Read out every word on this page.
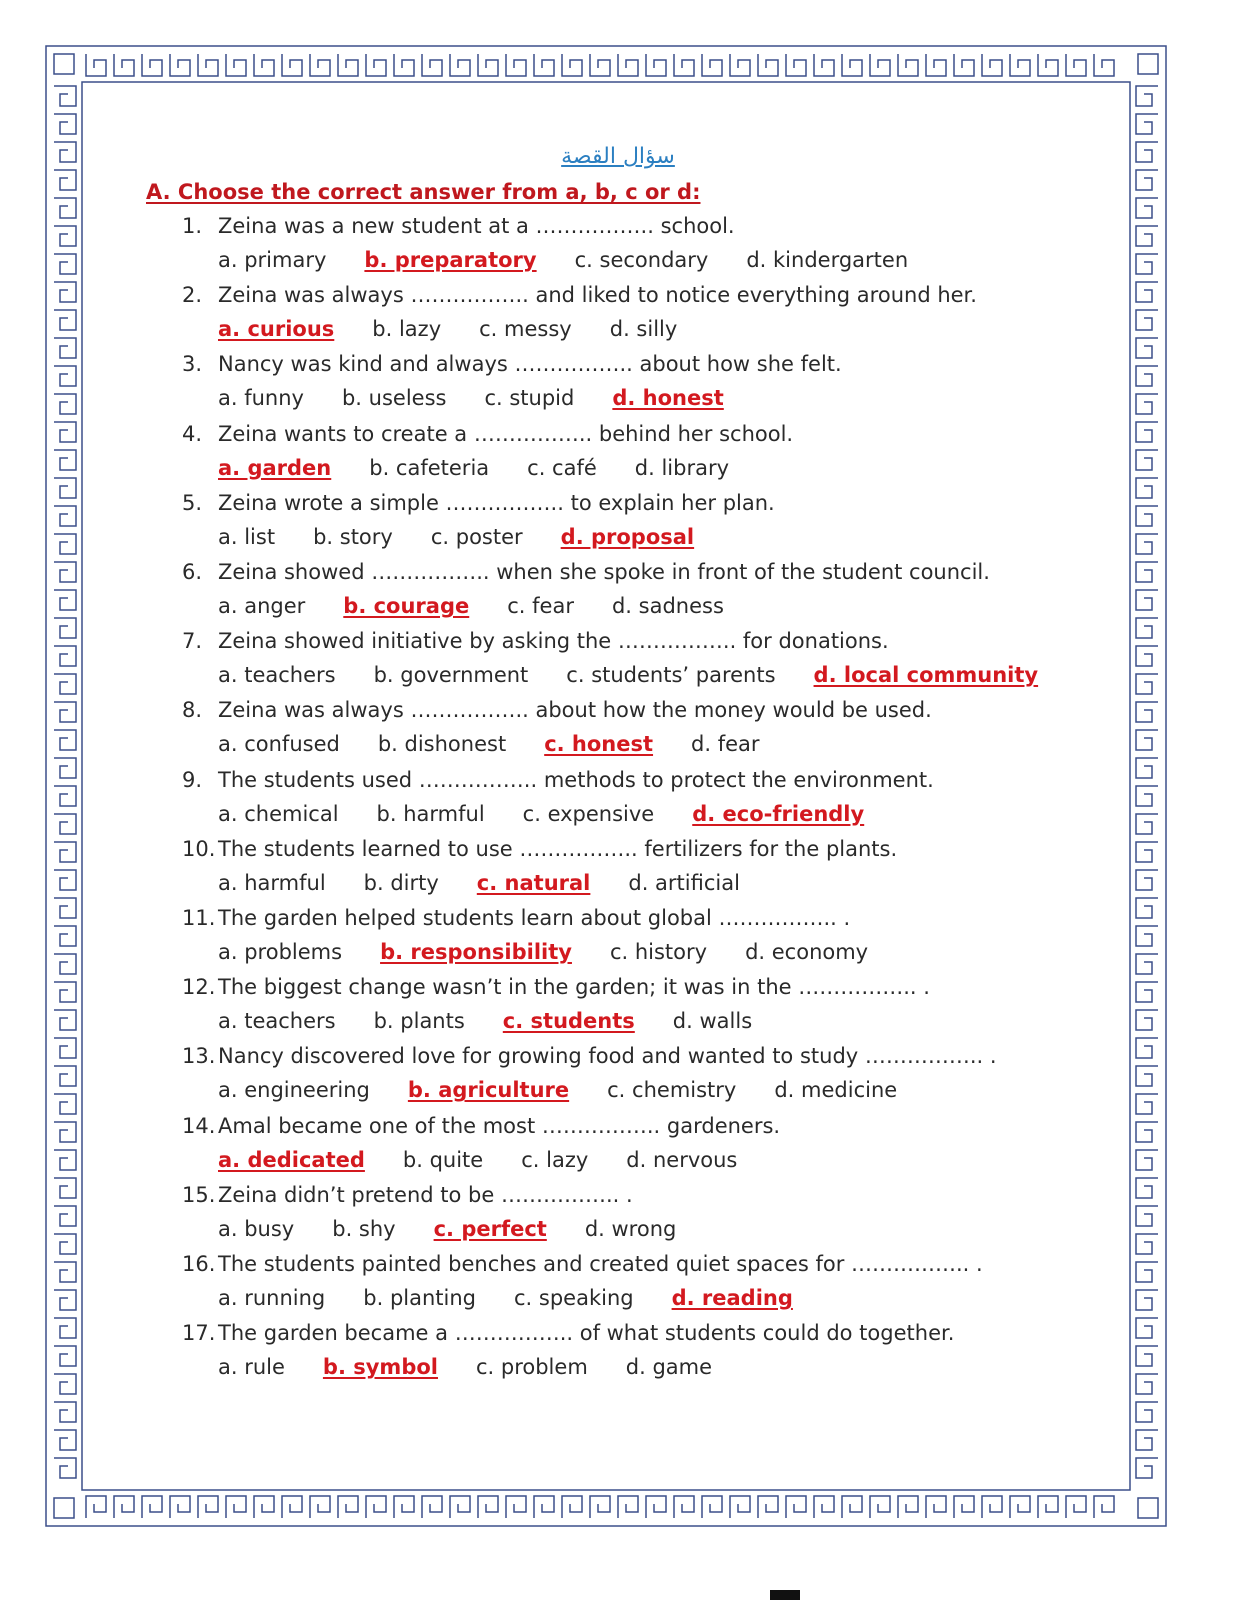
سؤال القصة
A. Choose the correct answer from a, b, c or d:
1. Zeina was a new student at a …………….. school.
a. primary b. preparatory c. secondary d. kindergarten
2. Zeina was always …………….. and liked to notice everything around her.
a. curious b. lazy c. messy d. silly
3. Nancy was kind and always …………….. about how she felt.
a. funny b. useless c. stupid d. honest
4. Zeina wants to create a …………….. behind her school.
a. garden b. cafeteria c. café d. library
5. Zeina wrote a simple …………….. to explain her plan.
a. list b. story c. poster d. proposal
6. Zeina showed …………….. when she spoke in front of the student council.
a. anger b. courage c. fear d. sadness
7. Zeina showed initiative by asking the …………….. for donations.
a. teachers b. government c. students’ parents d. local community
8. Zeina was always …………….. about how the money would be used.
a. confused b. dishonest c. honest d. fear
9. The students used …………….. methods to protect the environment.
a. chemical b. harmful c. expensive d. eco-friendly
10. The students learned to use …………….. fertilizers for the plants.
a. harmful b. dirty c. natural d. artificial
11. The garden helped students learn about global …………….. .
a. problems b. responsibility c. history d. economy
12. The biggest change wasn’t in the garden; it was in the …………….. .
a. teachers b. plants c. students d. walls
13. Nancy discovered love for growing food and wanted to study …………….. .
a. engineering b. agriculture c. chemistry d. medicine
14. Amal became one of the most …………….. gardeners.
a. dedicated b. quite c. lazy d. nervous
15. Zeina didn’t pretend to be …………….. .
a. busy b. shy c. perfect d. wrong
16. The students painted benches and created quiet spaces for …………….. .
a. running b. planting c. speaking d. reading
17. The garden became a …………….. of what students could do together.
a. rule b. symbol c. problem d. game
